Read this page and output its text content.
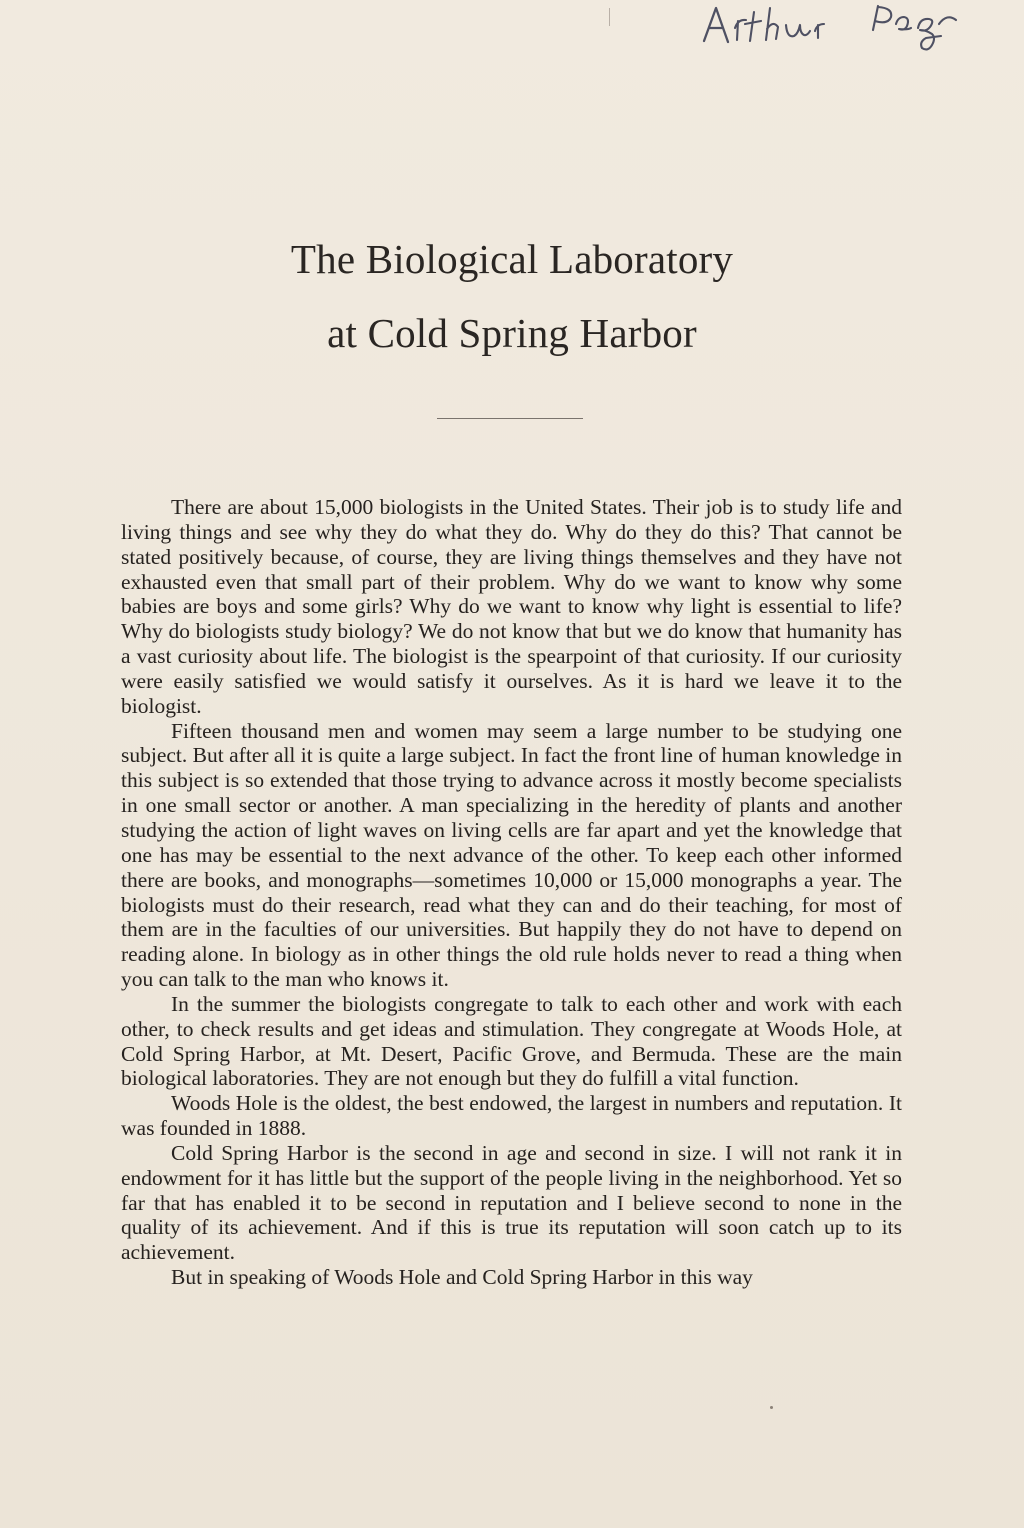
The Biological Laboratory
at Cold Spring Harbor

There are about 15,000 biologists in the United States. Their job is to study life and living things and see why they do what they do. Why do they do this? That cannot be stated positively because, of course, they are living things themselves and they have not exhausted even that small part of their problem. Why do we want to know why some babies are boys and some girls? Why do we want to know why light is essential to life? Why do biologists study biology? We do not know that but we do know that humanity has a vast curiosity about life. The biologist is the spearpoint of that curiosity. If our curiosity were easily satisfied we would satisfy it ourselves. As it is hard we leave it to the biologist.

Fifteen thousand men and women may seem a large number to be studying one subject. But after all it is quite a large subject. In fact the front line of human knowledge in this subject is so extended that those trying to advance across it mostly become specialists in one small sector or another. A man specializing in the heredity of plants and another studying the action of light waves on living cells are far apart and yet the knowledge that one has may be essential to the next advance of the other. To keep each other informed there are books, and monographs—sometimes 10,000 or 15,000 monographs a year. The biologists must do their research, read what they can and do their teaching, for most of them are in the faculties of our universities. But happily they do not have to depend on reading alone. In biology as in other things the old rule holds never to read a thing when you can talk to the man who knows it.

In the summer the biologists congregate to talk to each other and work with each other, to check results and get ideas and stimulation. They congregate at Woods Hole, at Cold Spring Harbor, at Mt. Desert, Pacific Grove, and Bermuda. These are the main biological laboratories. They are not enough but they do fulfill a vital function.

Woods Hole is the oldest, the best endowed, the largest in numbers and reputation. It was founded in 1888.

Cold Spring Harbor is the second in age and second in size. I will not rank it in endowment for it has little but the support of the people living in the neighborhood. Yet so far that has enabled it to be second in reputation and I believe second to none in the quality of its achievement. And if this is true its reputation will soon catch up to its achievement.

But in speaking of Woods Hole and Cold Spring Harbor in this way
